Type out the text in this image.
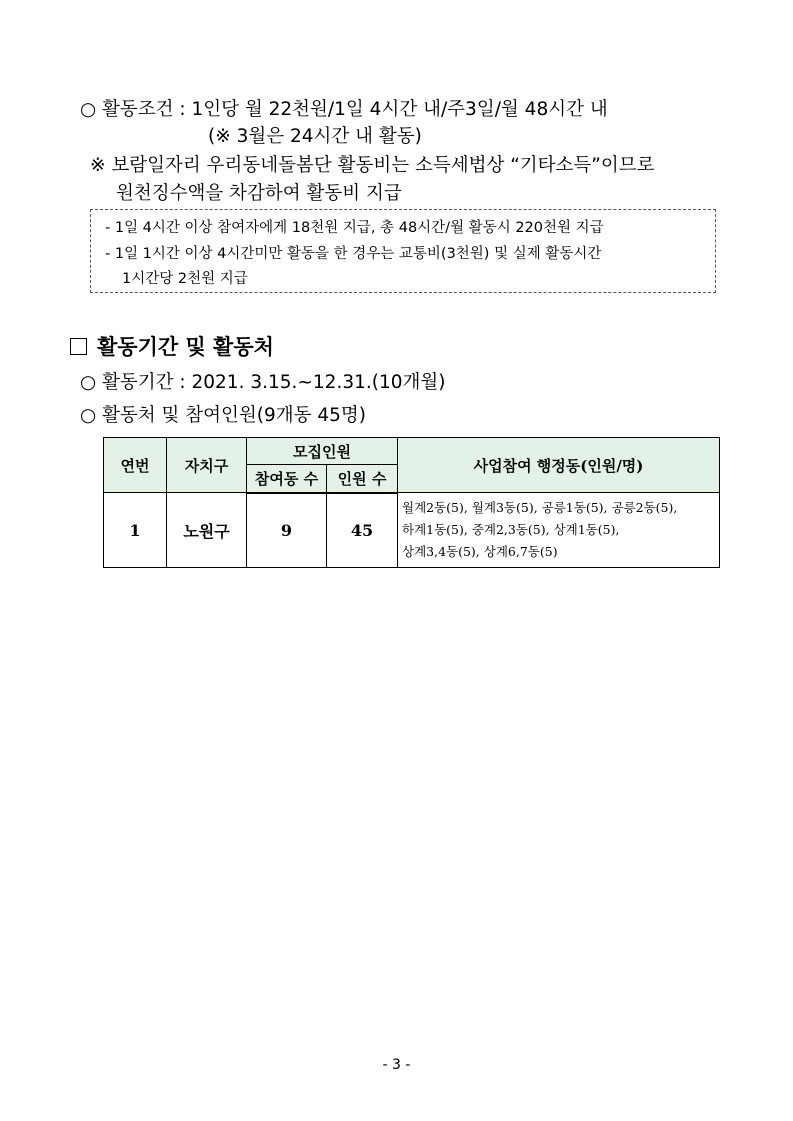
○ 활동조건 : 1인당 월 22천원/1일 4시간 내/주3일/월 48시간 내
(※ 3월은 24시간 내 활동)
※ 보람일자리 우리동네돌봄단 활동비는 소득세법상 “기타소득”이므로
원천징수액을 차감하여 활동비 지급
- 1일 4시간 이상 참여자에게 18천원 지급, 총 48시간/월 활동시 220천원 지급
- 1일 1시간 이상 4시간미만 활동을 한 경우는 교통비(3천원) 및 실제 활동시간
1시간당 2천원 지급
활동기간 및 활동처
○ 활동기간 : 2021. 3.15.~12.31.(10개월)
○ 활동처 및 참여인원(9개동 45명)
연번	자치구	모집인원		사업참여 행정동(인원/명)
		참여동 수	인원 수	
1	노원구	9	45	월계2동(5), 월계3동(5), 공릉1동(5), 공릉2동(5),
하계1동(5), 중계2,3동(5), 상계1동(5),
상계3,4동(5), 상계6,7동(5)
- 3 -
